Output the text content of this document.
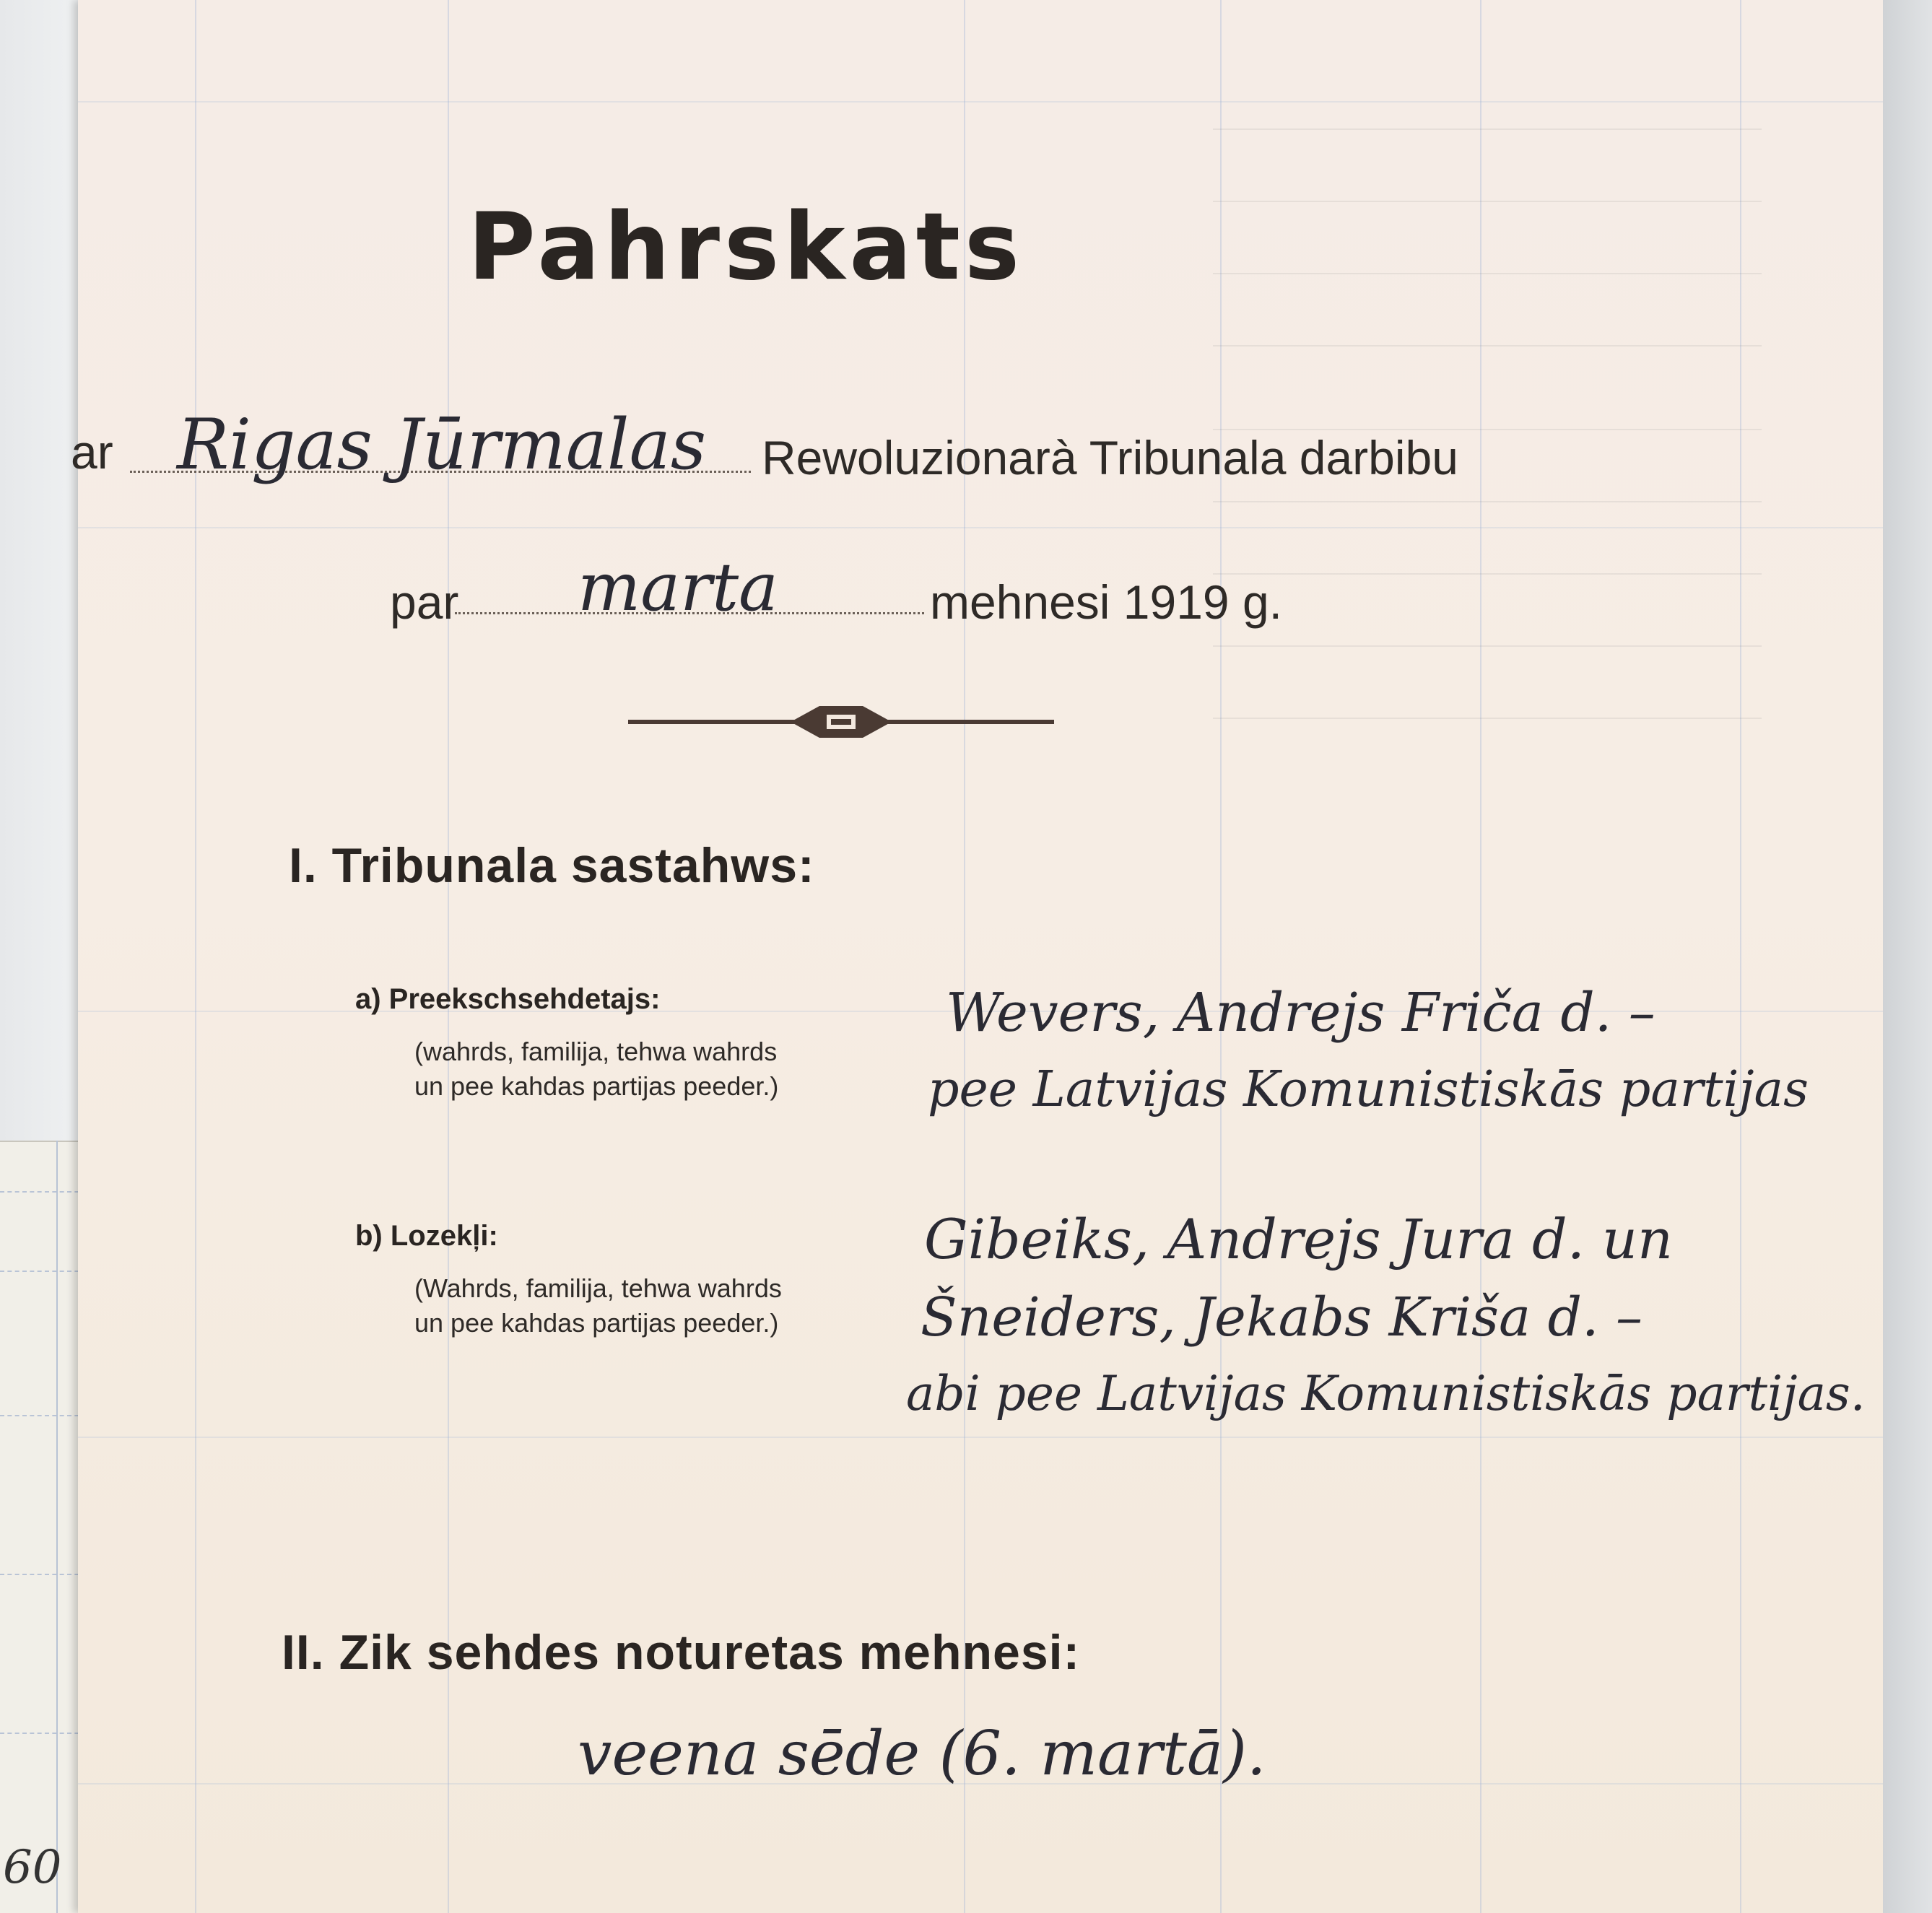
60
Pahrskats
ar Rigas Jūrmalas Rewoluzionarà Tribunala darbibu
par marta	mehnesi 1919 g.
I. Tribunala sastahws:
a) Preekschsehdetajs:
(wahrds, familija, tehwa wahrds
un pee kahdas partijas peeder.)
Wevers, Andrejs Friča d. –
pee Latvijas Komunistiskās partijas
b) Lozekļi:
(Wahrds, familija, tehwa wahrds
un pee kahdas partijas peeder.)
Gibeiks, Andrejs Jura d. un
Šneiders, Jekabs Kriša d. –
abi pee Latvijas Komunistiskās partijas.
II. Zik sehdes noturetas mehnesi:
veena sēde (6. martā).
